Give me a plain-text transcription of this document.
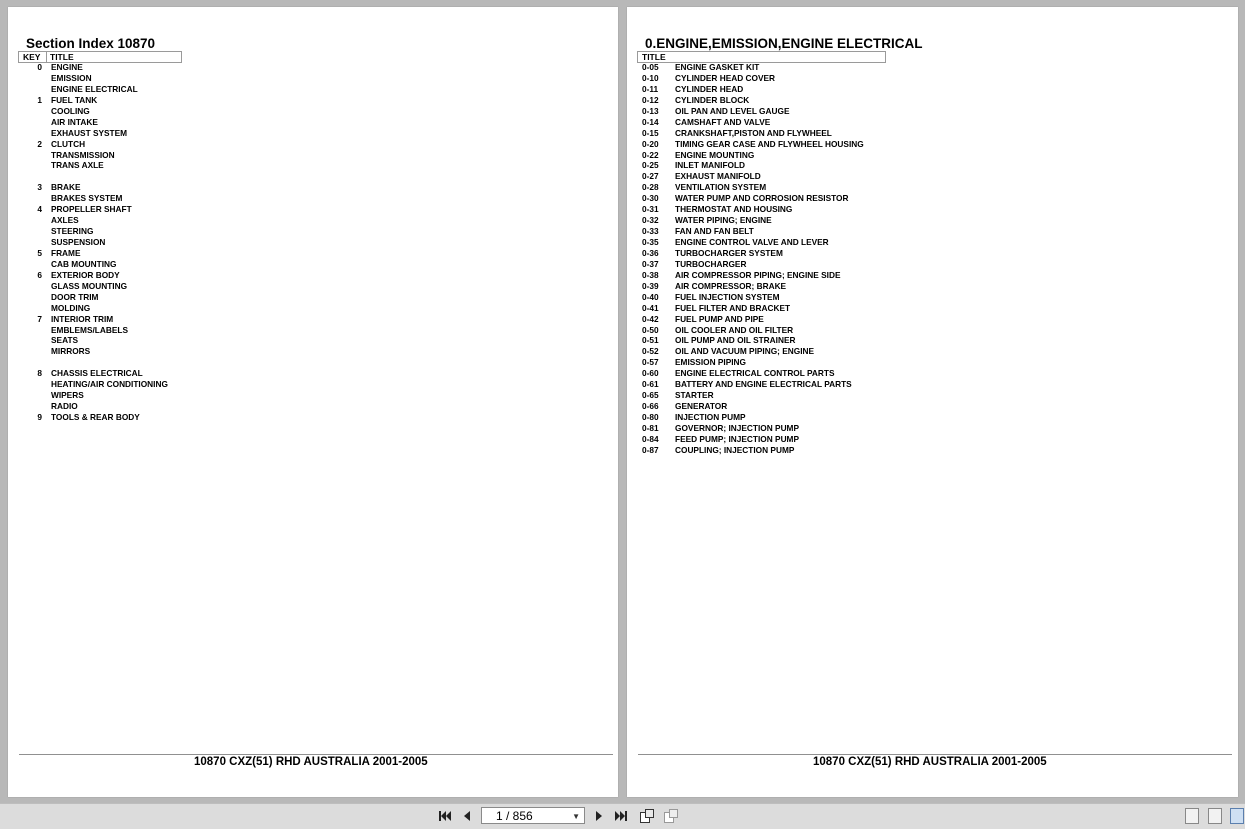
Section Index 10870
KEY TITLE
0 ENGINE
EMISSION
ENGINE ELECTRICAL
1 FUEL TANK
COOLING
AIR INTAKE
EXHAUST SYSTEM
2 CLUTCH
TRANSMISSION
TRANS AXLE
3 BRAKE
BRAKES SYSTEM
4 PROPELLER SHAFT
AXLES
STEERING
SUSPENSION
5 FRAME
CAB MOUNTING
6 EXTERIOR BODY
GLASS MOUNTING
DOOR TRIM
MOLDING
7 INTERIOR TRIM
EMBLEMS/LABELS
SEATS
MIRRORS
8 CHASSIS ELECTRICAL
HEATING/AIR CONDITIONING
WIPERS
RADIO
9 TOOLS & REAR BODY
10870 CXZ(51) RHD AUSTRALIA 2001-2005
0.ENGINE,EMISSION,ENGINE ELECTRICAL
TITLE
0-05	ENGINE GASKET KIT
0-10	CYLINDER HEAD COVER
0-11	CYLINDER HEAD
0-12	CYLINDER BLOCK
0-13	OIL PAN AND LEVEL GAUGE
0-14	CAMSHAFT AND VALVE
0-15	CRANKSHAFT,PISTON AND FLYWHEEL
0-20	TIMING GEAR CASE AND FLYWHEEL HOUSING
0-22	ENGINE MOUNTING
0-25	INLET MANIFOLD
0-27	EXHAUST MANIFOLD
0-28	VENTILATION SYSTEM
0-30	WATER PUMP AND CORROSION RESISTOR
0-31	THERMOSTAT AND HOUSING
0-32	WATER PIPING; ENGINE
0-33	FAN AND FAN BELT
0-35	ENGINE CONTROL VALVE AND LEVER
0-36	TURBOCHARGER SYSTEM
0-37	TURBOCHARGER
0-38	AIR COMPRESSOR PIPING; ENGINE SIDE
0-39	AIR COMPRESSOR; BRAKE
0-40	FUEL INJECTION SYSTEM
0-41	FUEL FILTER AND BRACKET
0-42	FUEL PUMP AND PIPE
0-50	OIL COOLER AND OIL FILTER
0-51	OIL PUMP AND OIL STRAINER
0-52	OIL AND VACUUM PIPING; ENGINE
0-57	EMISSION PIPING
0-60	ENGINE ELECTRICAL CONTROL PARTS
0-61	BATTERY AND ENGINE ELECTRICAL PARTS
0-65	STARTER
0-66	GENERATOR
0-80	INJECTION PUMP
0-81	GOVERNOR; INJECTION PUMP
0-84	FEED PUMP; INJECTION PUMP
0-87	COUPLING; INJECTION PUMP
10870 CXZ(51) RHD AUSTRALIA 2001-2005
1 / 856	▼
